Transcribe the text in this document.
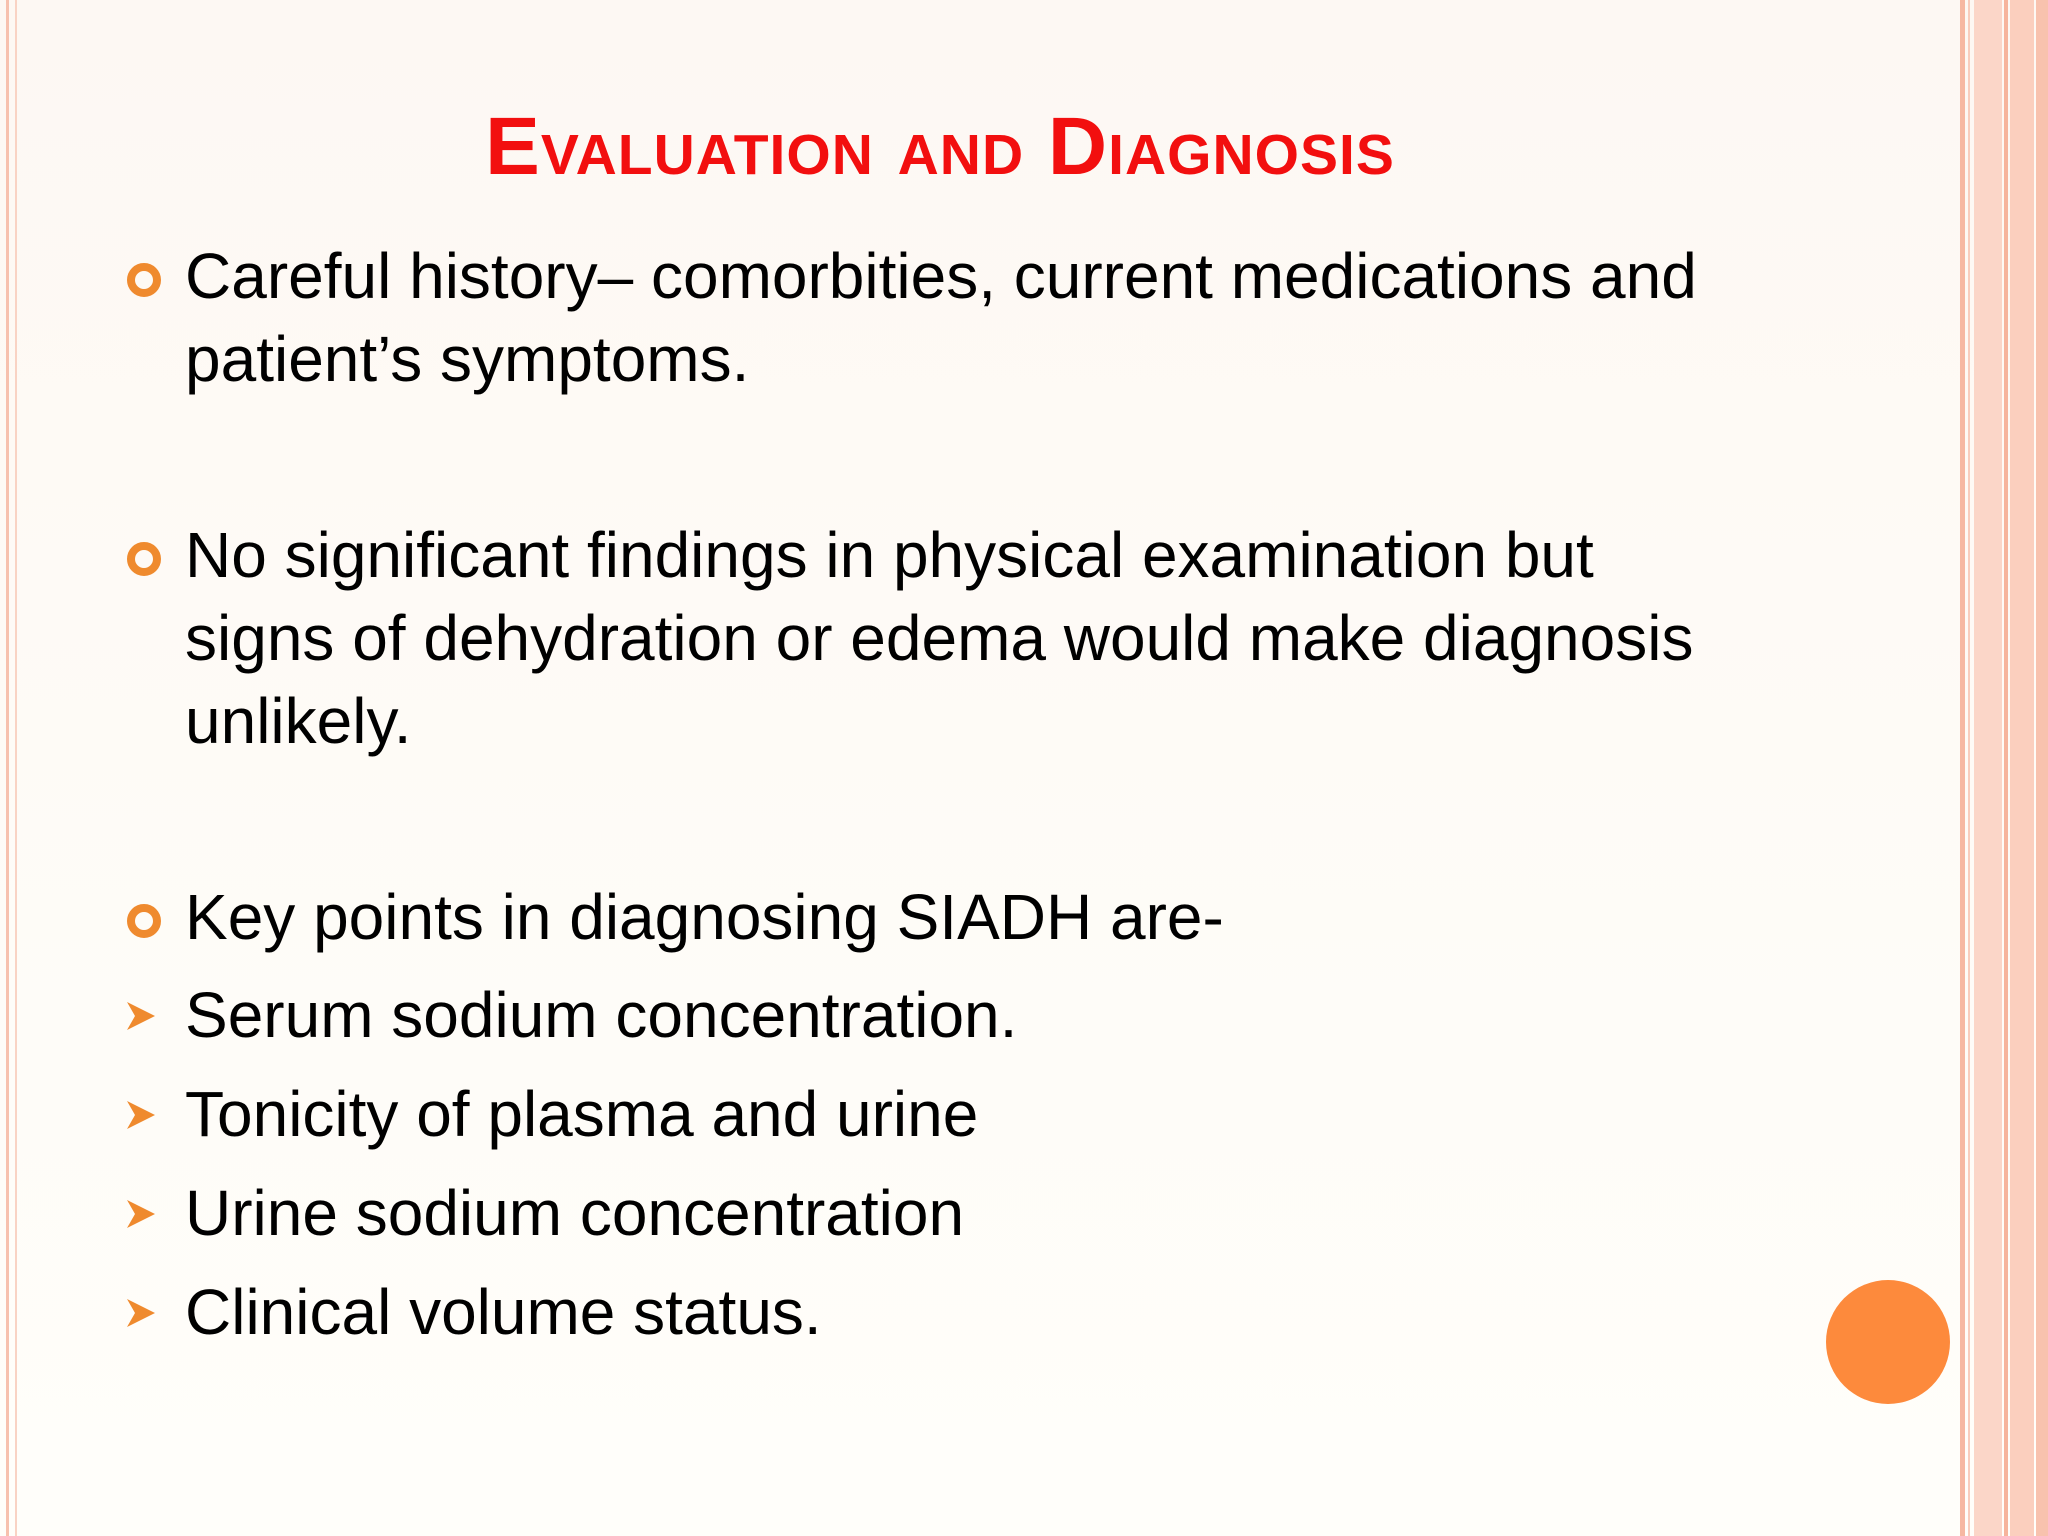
Evaluation and Diagnosis
Careful history– comorbities, current medications and patient’s symptoms.
No significant findings in physical examination but signs of dehydration or edema would make diagnosis unlikely.
Key points in diagnosing SIADH are-
Serum sodium concentration.
Tonicity of plasma and urine
Urine sodium concentration
Clinical volume status.
